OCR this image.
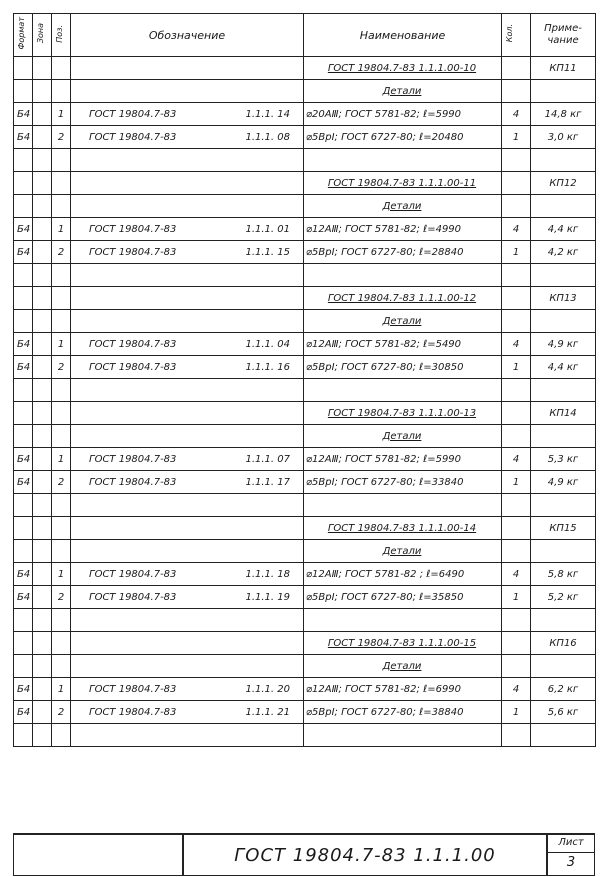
Формат	Зона	Поз.	Обозначение	Наименование	Кол.	Приме-
чание
				ГОСТ 19804.7-83 1.1.1.00-10		КП11
				Детали		
Б4		1	ГОСТ 19804.7-83 1.1.1. 14	⌀20АⅢ; ГОСТ 5781-82; ℓ=5990	4	14,8 кг
Б4		2	ГОСТ 19804.7-83 1.1.1. 08	⌀5ВрI; ГОСТ 6727-80; ℓ=20480	1	3,0 кг

				ГОСТ 19804.7-83 1.1.1.00-11		КП12
				Детали		
Б4		1	ГОСТ 19804.7-83 1.1.1. 01	⌀12АⅢ; ГОСТ 5781-82; ℓ=4990	4	4,4 кг
Б4		2	ГОСТ 19804.7-83 1.1.1. 15	⌀5ВрI; ГОСТ 6727-80; ℓ=28840	1	4,2 кг

				ГОСТ 19804.7-83 1.1.1.00-12		КП13
				Детали		
Б4		1	ГОСТ 19804.7-83 1.1.1. 04	⌀12АⅢ; ГОСТ 5781-82; ℓ=5490	4	4,9 кг
Б4		2	ГОСТ 19804.7-83 1.1.1. 16	⌀5ВрI; ГОСТ 6727-80; ℓ=30850	1	4,4 кг

				ГОСТ 19804.7-83 1.1.1.00-13		КП14
				Детали		
Б4		1	ГОСТ 19804.7-83 1.1.1. 07	⌀12АⅢ; ГОСТ 5781-82; ℓ=5990	4	5,3 кг
Б4		2	ГОСТ 19804.7-83 1.1.1. 17	⌀5ВрI; ГОСТ 6727-80; ℓ=33840	1	4,9 кг

				ГОСТ 19804.7-83 1.1.1.00-14		КП15
				Детали		
Б4		1	ГОСТ 19804.7-83 1.1.1. 18	⌀12АⅢ; ГОСТ 5781-82 ; ℓ=6490	4	5,8 кг
Б4		2	ГОСТ 19804.7-83 1.1.1. 19	⌀5ВрI; ГОСТ 6727-80; ℓ=35850	1	5,2 кг

				ГОСТ 19804.7-83 1.1.1.00-15		КП16
				Детали		
Б4		1	ГОСТ 19804.7-83 1.1.1. 20	⌀12АⅢ; ГОСТ 5781-82; ℓ=6990	4	6,2 кг
Б4		2	ГОСТ 19804.7-83 1.1.1. 21	⌀5ВрI; ГОСТ 6727-80; ℓ=38840	1	5,6 кг

ГОСТ 19804.7-83 1.1.1.00
Лист
3
